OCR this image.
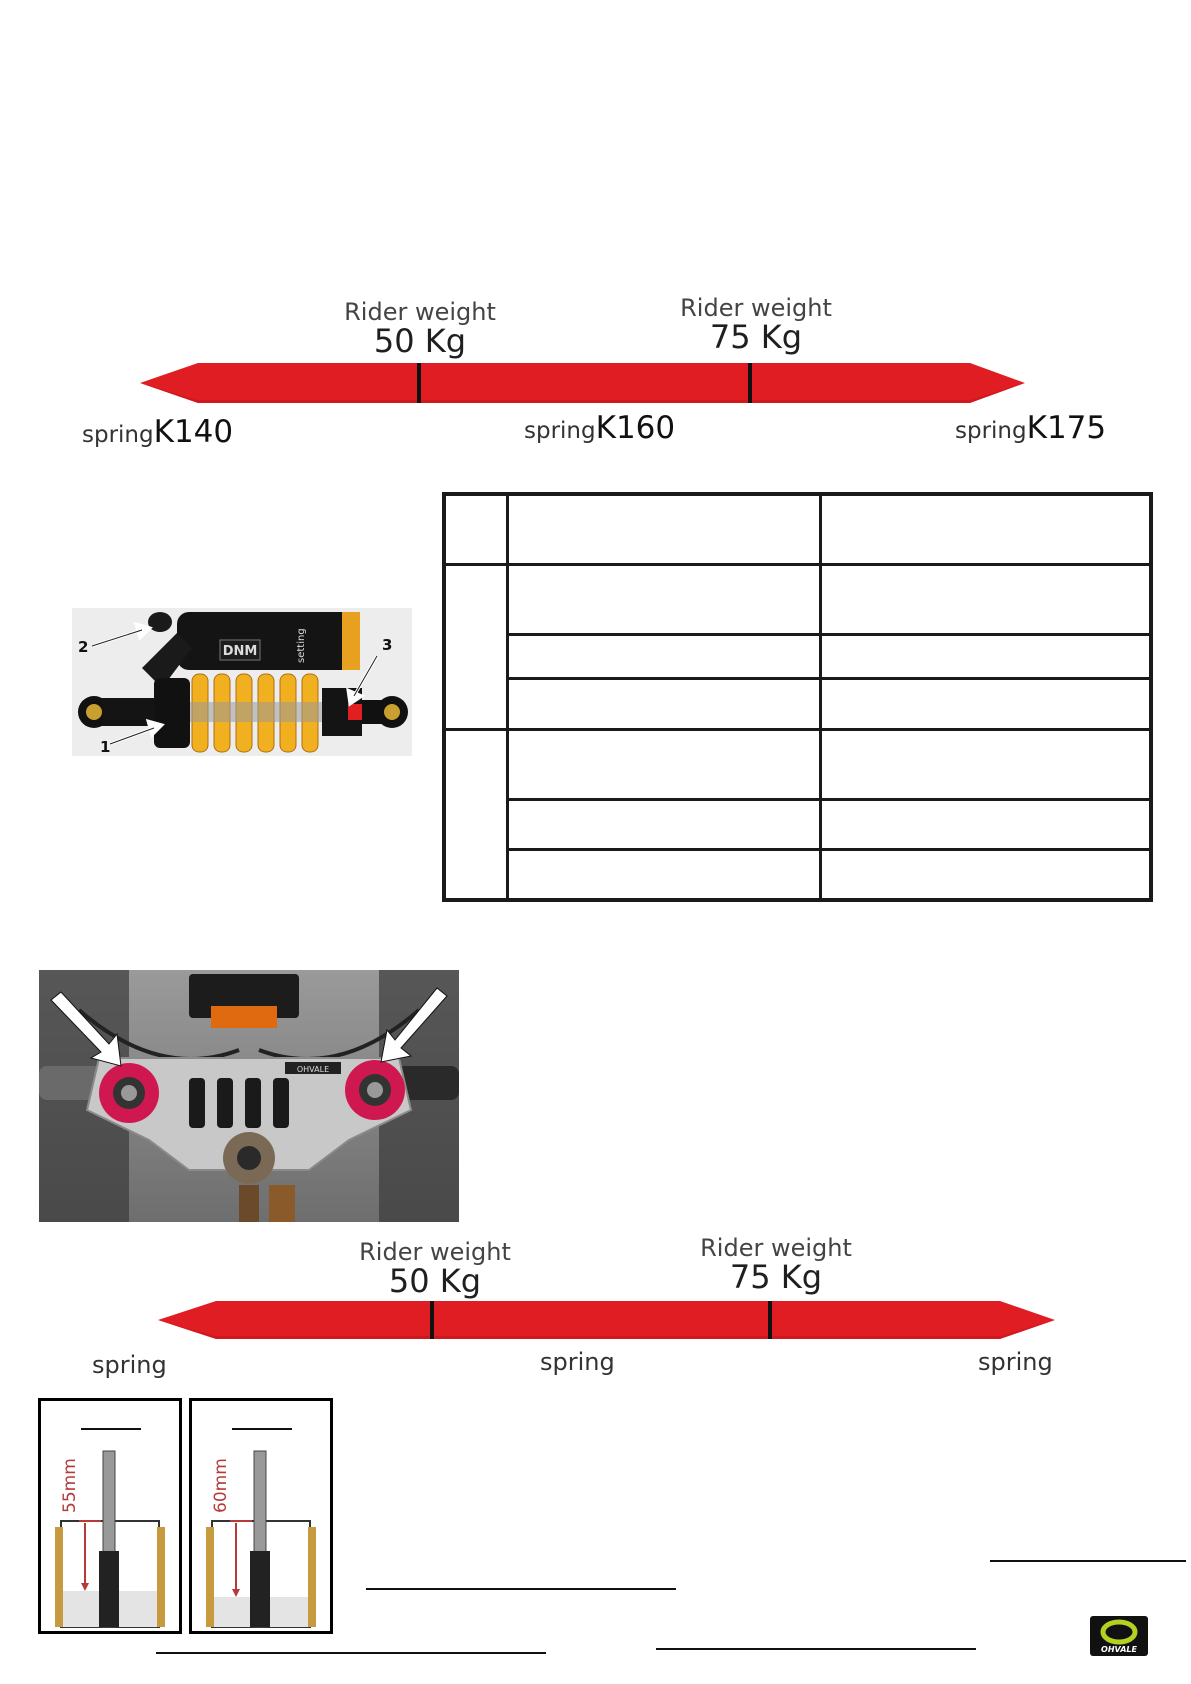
Rider weight
50 Kg
Rider weight
75 Kg
springK140	springK160	springK175
setting
DNM
2
1
3

OHVALE
Rider weight
50 Kg
Rider weight
75 Kg
spring	spring	spring
55mm	60mm
OHVALE
